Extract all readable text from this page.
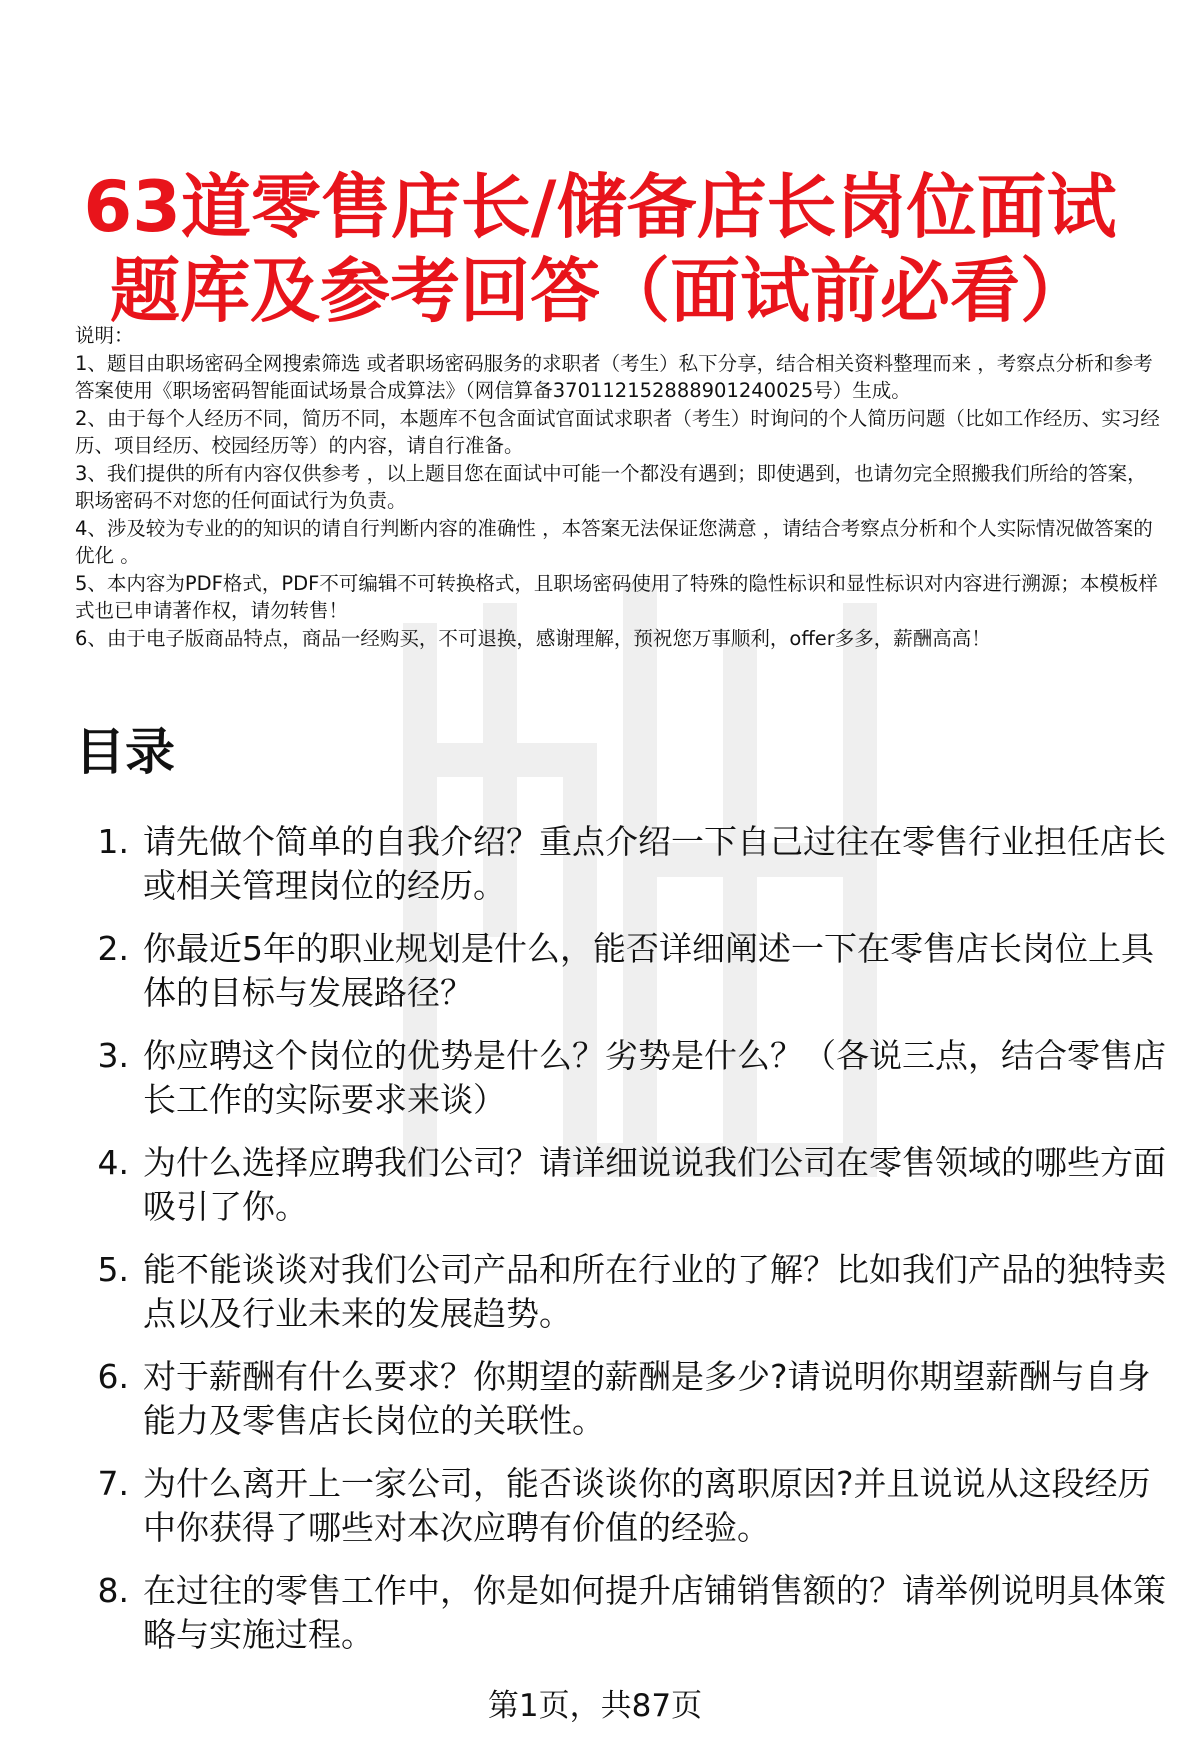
63道零售店长/储备店长岗位面试题库及参考回答（面试前必看）

说明：

1、题目由职场密码全网搜索筛选 或者职场密码服务的求职者（考生）私下分享，结合相关资料整理而来 ，考察点分析和参考答案使用《职场密码智能面试场景合成算法》（网信算备370112152888901240025号）生成。

2、由于每个人经历不同，简历不同，本题库不包含面试官面试求职者（考生）时询问的个人简历问题（比如工作经历、实习经历、项目经历、校园经历等）的内容，请自行准备。

3、我们提供的所有内容仅供参考 ，以上题目您在面试中可能一个都没有遇到；即使遇到，也请勿完全照搬我们所给的答案，职场密码不对您的任何面试行为负责。

4、涉及较为专业的的知识的请自行判断内容的准确性 ，本答案无法保证您满意 ，请结合考察点分析和个人实际情况做答案的优化 。

5、本内容为PDF格式，PDF不可编辑不可转换格式，且职场密码使用了特殊的隐性标识和显性标识对内容进行溯源；本模板样式也已申请著作权，请勿转售！

6、由于电子版商品特点，商品一经购买，不可退换，感谢理解，预祝您万事顺利，offer多多，薪酬高高！

目录
1. 请先做个简单的自我介绍？重点介绍一下自己过往在零售行业担任店长或相关管理岗位的经历。
2. 你最近5年的职业规划是什么，能否详细阐述一下在零售店长岗位上具体的目标与发展路径？
3. 你应聘这个岗位的优势是什么？劣势是什么？（各说三点，结合零售店长工作的实际要求来谈）
4. 为什么选择应聘我们公司？请详细说说我们公司在零售领域的哪些方面吸引了你。
5. 能不能谈谈对我们公司产品和所在行业的了解？比如我们产品的独特卖点以及行业未来的发展趋势。
6. 对于薪酬有什么要求？你期望的薪酬是多少?请说明你期望薪酬与自身能力及零售店长岗位的关联性。
7. 为什么离开上一家公司，能否谈谈你的离职原因?并且说说从这段经历中你获得了哪些对本次应聘有价值的经验。
8. 在过往的零售工作中，你是如何提升店铺销售额的？请举例说明具体策略与实施过程。
第1页，共87页
